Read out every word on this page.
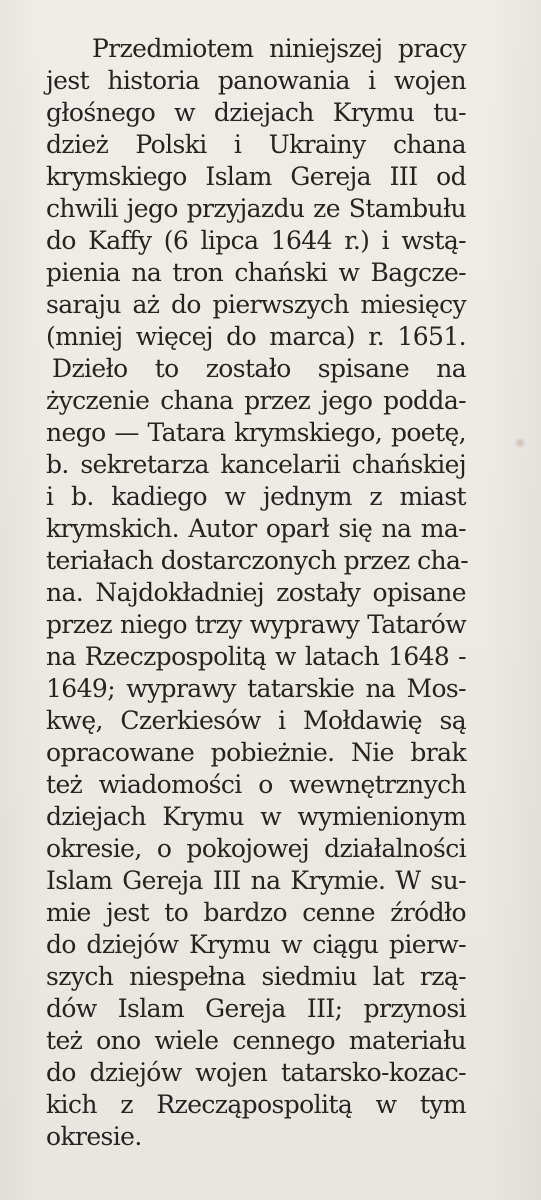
Przedmiotem niniejszej pracy
jest historia panowania i wojen
głośnego w dziejach Krymu tu-
dzież Polski i Ukrainy chana
krymskiego Islam Gereja III od
chwili jego przyjazdu ze Stambułu
do Kaffy (6 lipca 1644 r.) i wstą-
pienia na tron chański w Bagcze-
saraju aż do pierwszych miesięcy
(mniej więcej do marca) r. 1651.
Dzieło to zostało spisane na
życzenie chana przez jego poddа-
nego — Tatara krymskiego, poetę,
b. sekretarza kancelarii chańskiej
i b. kadiego w jednym z miast
krymskich. Autor oparł się na ma-
teriałach dostarczonych przez cha-
na. Najdokładniej zostały opisane
przez niego trzy wyprawy Tatarów
na Rzeczpospolitą w latach 1648 -
1649; wyprawy tatarskie na Mos-
kwę, Czerkiesów i Mołdawię są
opracowane pobieżnie. Nie brak
też wiadomości o wewnętrznych
dziejach Krymu w wymienionym
okresie, o pokojowej działalności
Islam Gereja III na Krymie. W su-
mie jest to bardzo cenne źródło
do dziejów Krymu w ciągu pierw-
szych niespełna siedmiu lat rzą-
dów Islam Gereja III; przynosi
też ono wiele cennego materiału
do dziejów wojen tatarsko-kozac-
kich z Rzecząpospolitą w tym
okresie.
